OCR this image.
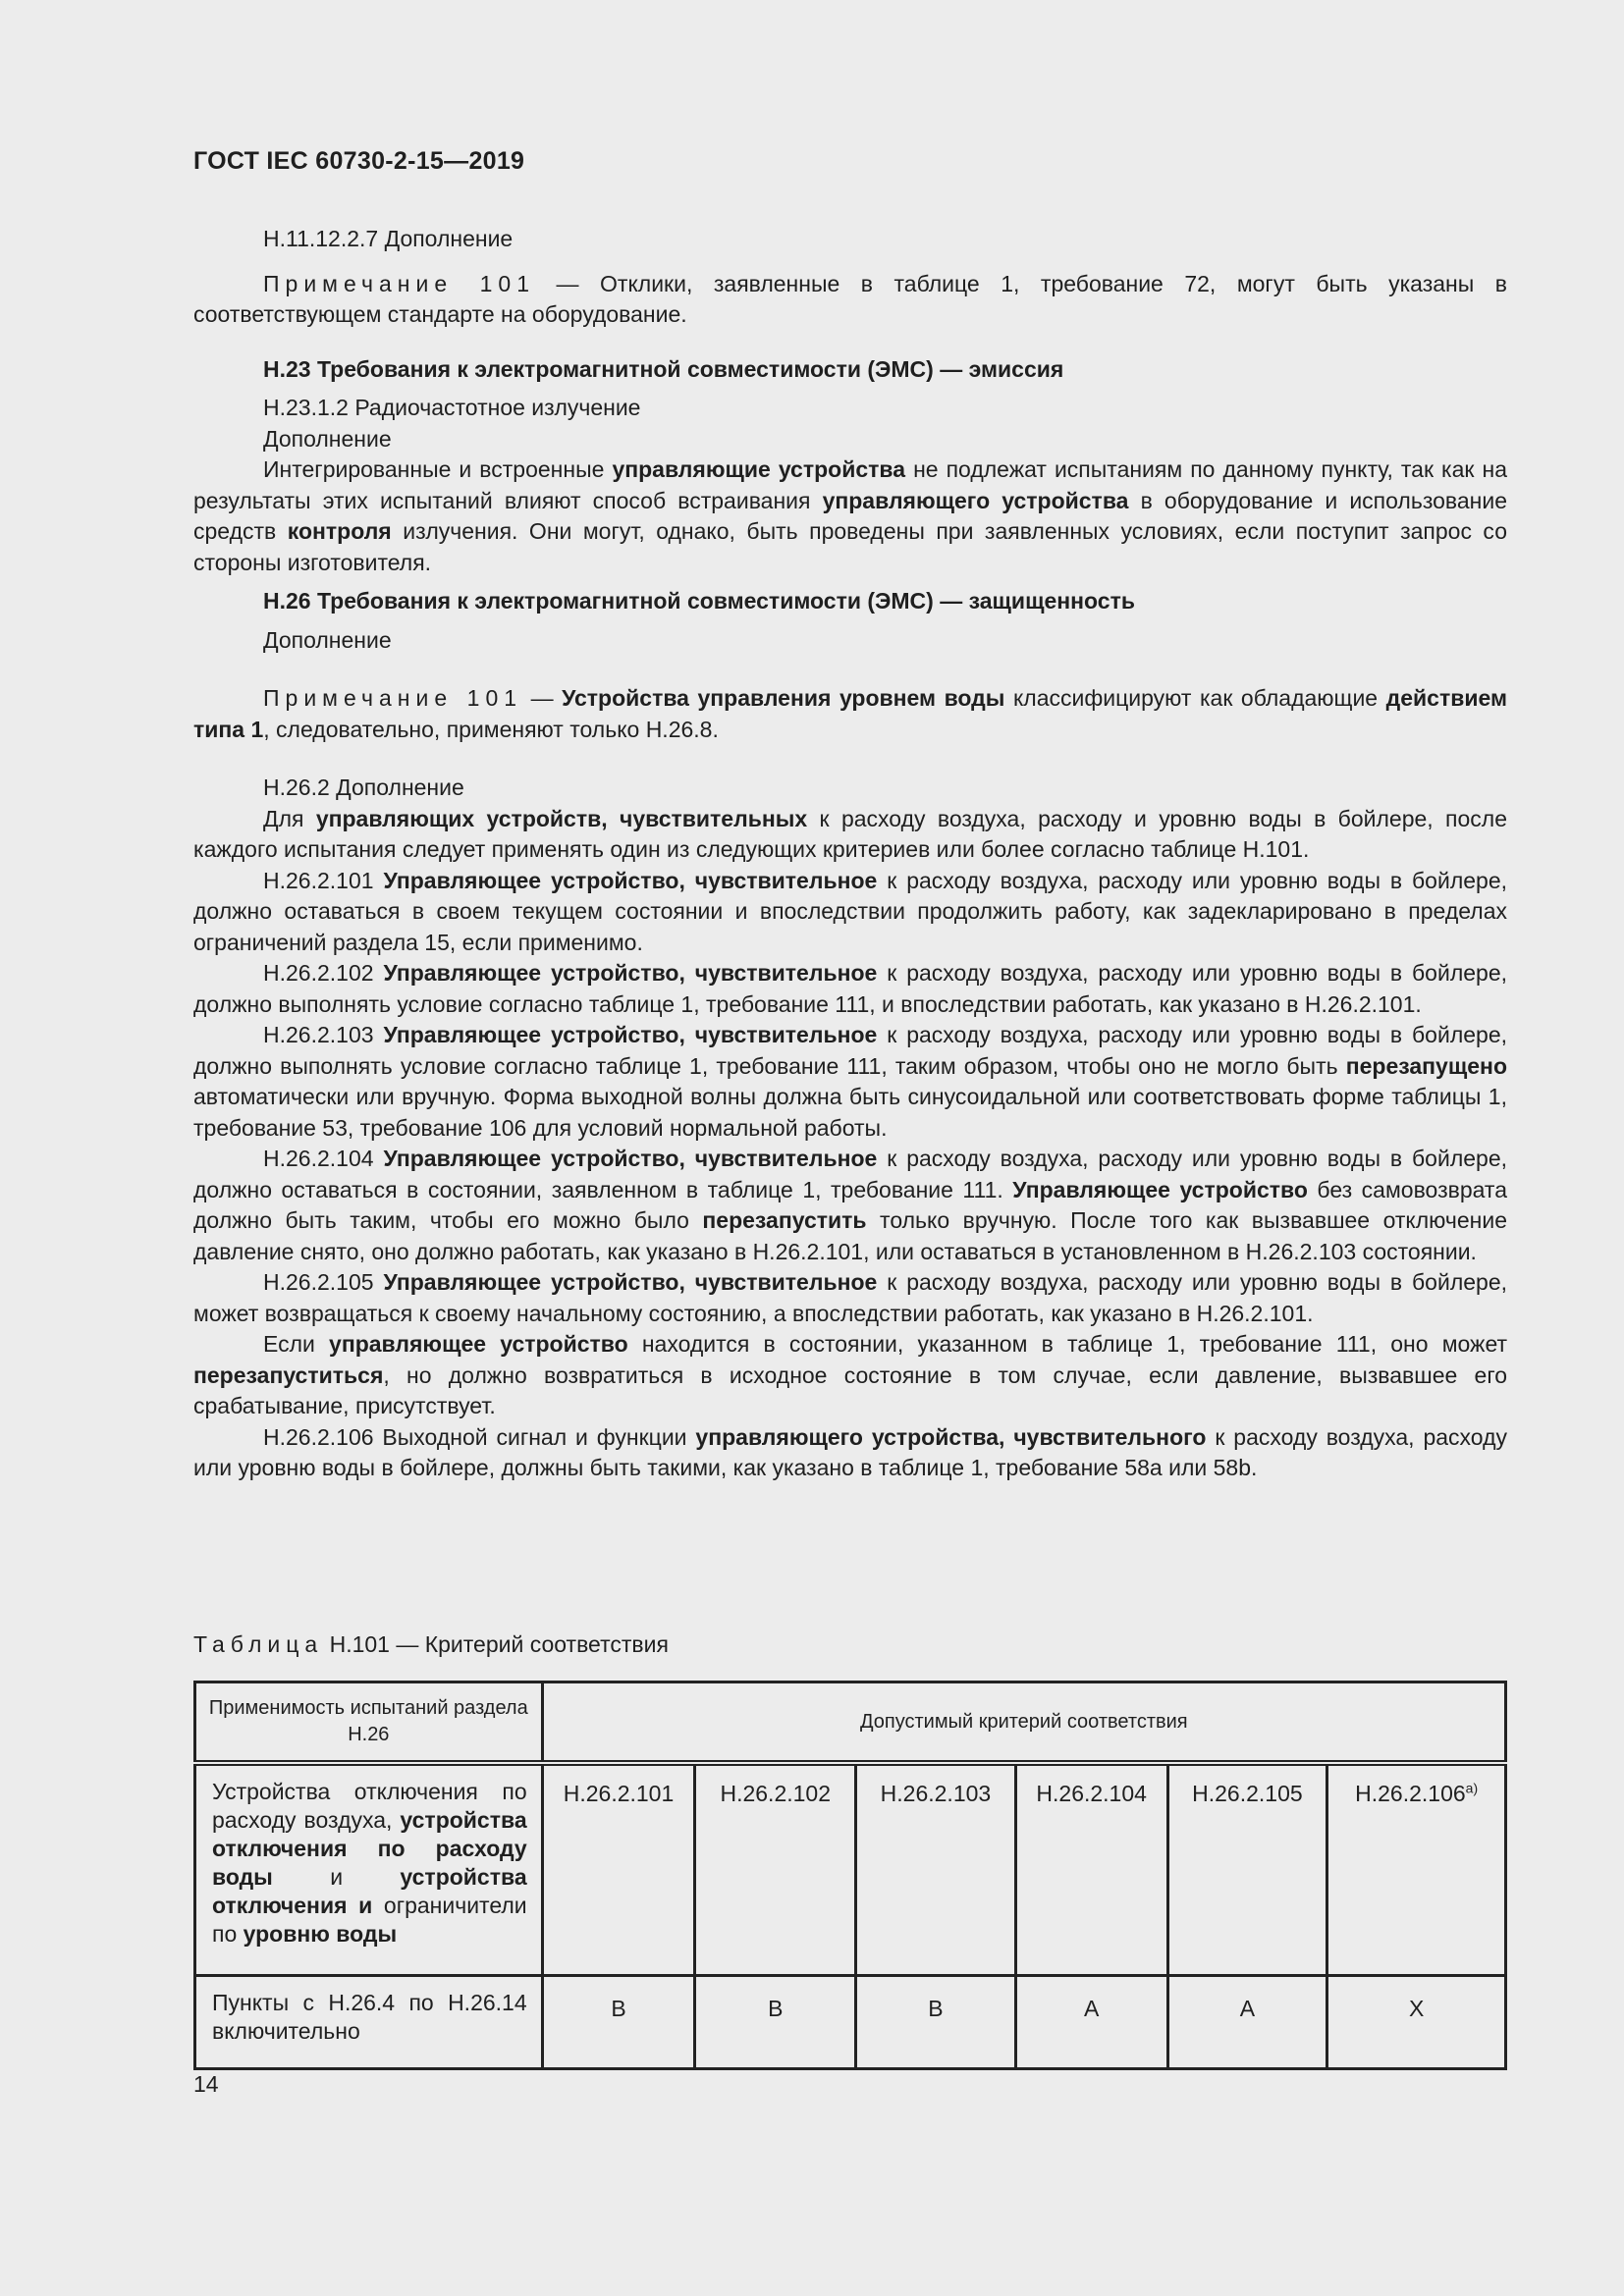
ГОСТ IEC 60730-2-15—2019

H.11.12.2.7 Дополнение

Примечание 101 — Отклики, заявленные в таблице 1, требование 72, могут быть указаны в соответствующем стандарте на оборудование.

H.23 Требования к электромагнитной совместимости (ЭМС) — эмиссия

H.23.1.2 Радиочастотное излучение

Дополнение

Интегрированные и встроенные управляющие устройства не подлежат испытаниям по данному пункту, так как на результаты этих испытаний влияют способ встраивания управляющего устройства в оборудование и использование средств контроля излучения. Они могут, однако, быть проведены при заявленных условиях, если поступит запрос со стороны изготовителя.

H.26 Требования к электромагнитной совместимости (ЭМС) — защищенность

Дополнение

Примечание 101 — Устройства управления уровнем воды классифицируют как обладающие действием типа 1, следовательно, применяют только H.26.8.

H.26.2 Дополнение

Для управляющих устройств, чувствительных к расходу воздуха, расходу и уровню воды в бойлере, после каждого испытания следует применять один из следующих критериев или более согласно таблице H.101.

H.26.2.101 Управляющее устройство, чувствительное к расходу воздуха, расходу или уровню воды в бойлере, должно оставаться в своем текущем состоянии и впоследствии продолжить работу, как задекларировано в пределах ограничений раздела 15, если применимо.

H.26.2.102 Управляющее устройство, чувствительное к расходу воздуха, расходу или уровню воды в бойлере, должно выполнять условие согласно таблице 1, требование 111, и впоследствии работать, как указано в H.26.2.101.

H.26.2.103 Управляющее устройство, чувствительное к расходу воздуха, расходу или уровню воды в бойлере, должно выполнять условие согласно таблице 1, требование 111, таким образом, чтобы оно не могло быть перезапущено автоматически или вручную. Форма выходной волны должна быть синусоидальной или соответствовать форме таблицы 1, требование 53, требование 106 для условий нормальной работы.

H.26.2.104 Управляющее устройство, чувствительное к расходу воздуха, расходу или уровню воды в бойлере, должно оставаться в состоянии, заявленном в таблице 1, требование 111. Управляющее устройство без самовозврата должно быть таким, чтобы его можно было перезапустить только вручную. После того как вызвавшее отключение давление снято, оно должно работать, как указано в H.26.2.101, или оставаться в установленном в H.26.2.103 состоянии.

H.26.2.105 Управляющее устройство, чувствительное к расходу воздуха, расходу или уровню воды в бойлере, может возвращаться к своему начальному состоянию, а впоследствии работать, как указано в H.26.2.101.

Если управляющее устройство находится в состоянии, указанном в таблице 1, требование 111, оно может перезапуститься, но должно возвратиться в исходное состояние в том случае, если давление, вызвавшее его срабатывание, присутствует.

H.26.2.106 Выходной сигнал и функции управляющего устройства, чувствительного к расходу воздуха, расходу или уровню воды в бойлере, должны быть такими, как указано в таблице 1, требование 58а или 58b.

Таблица H.101 — Критерий соответствия
Применимость испытаний раздела H.26	Допустимый критерий соответствия					
Устройства отключения по расходу воздуха, устройства отключения по расходу воды и устройства отключения и ограничители по уровню воды	H.26.2.101	H.26.2.102	H.26.2.103	H.26.2.104	H.26.2.105	$H.26.2.106^{а)}$
Пункты с H.26.4 по H.26.14 включительно	B	B	B	A	A	X
14
